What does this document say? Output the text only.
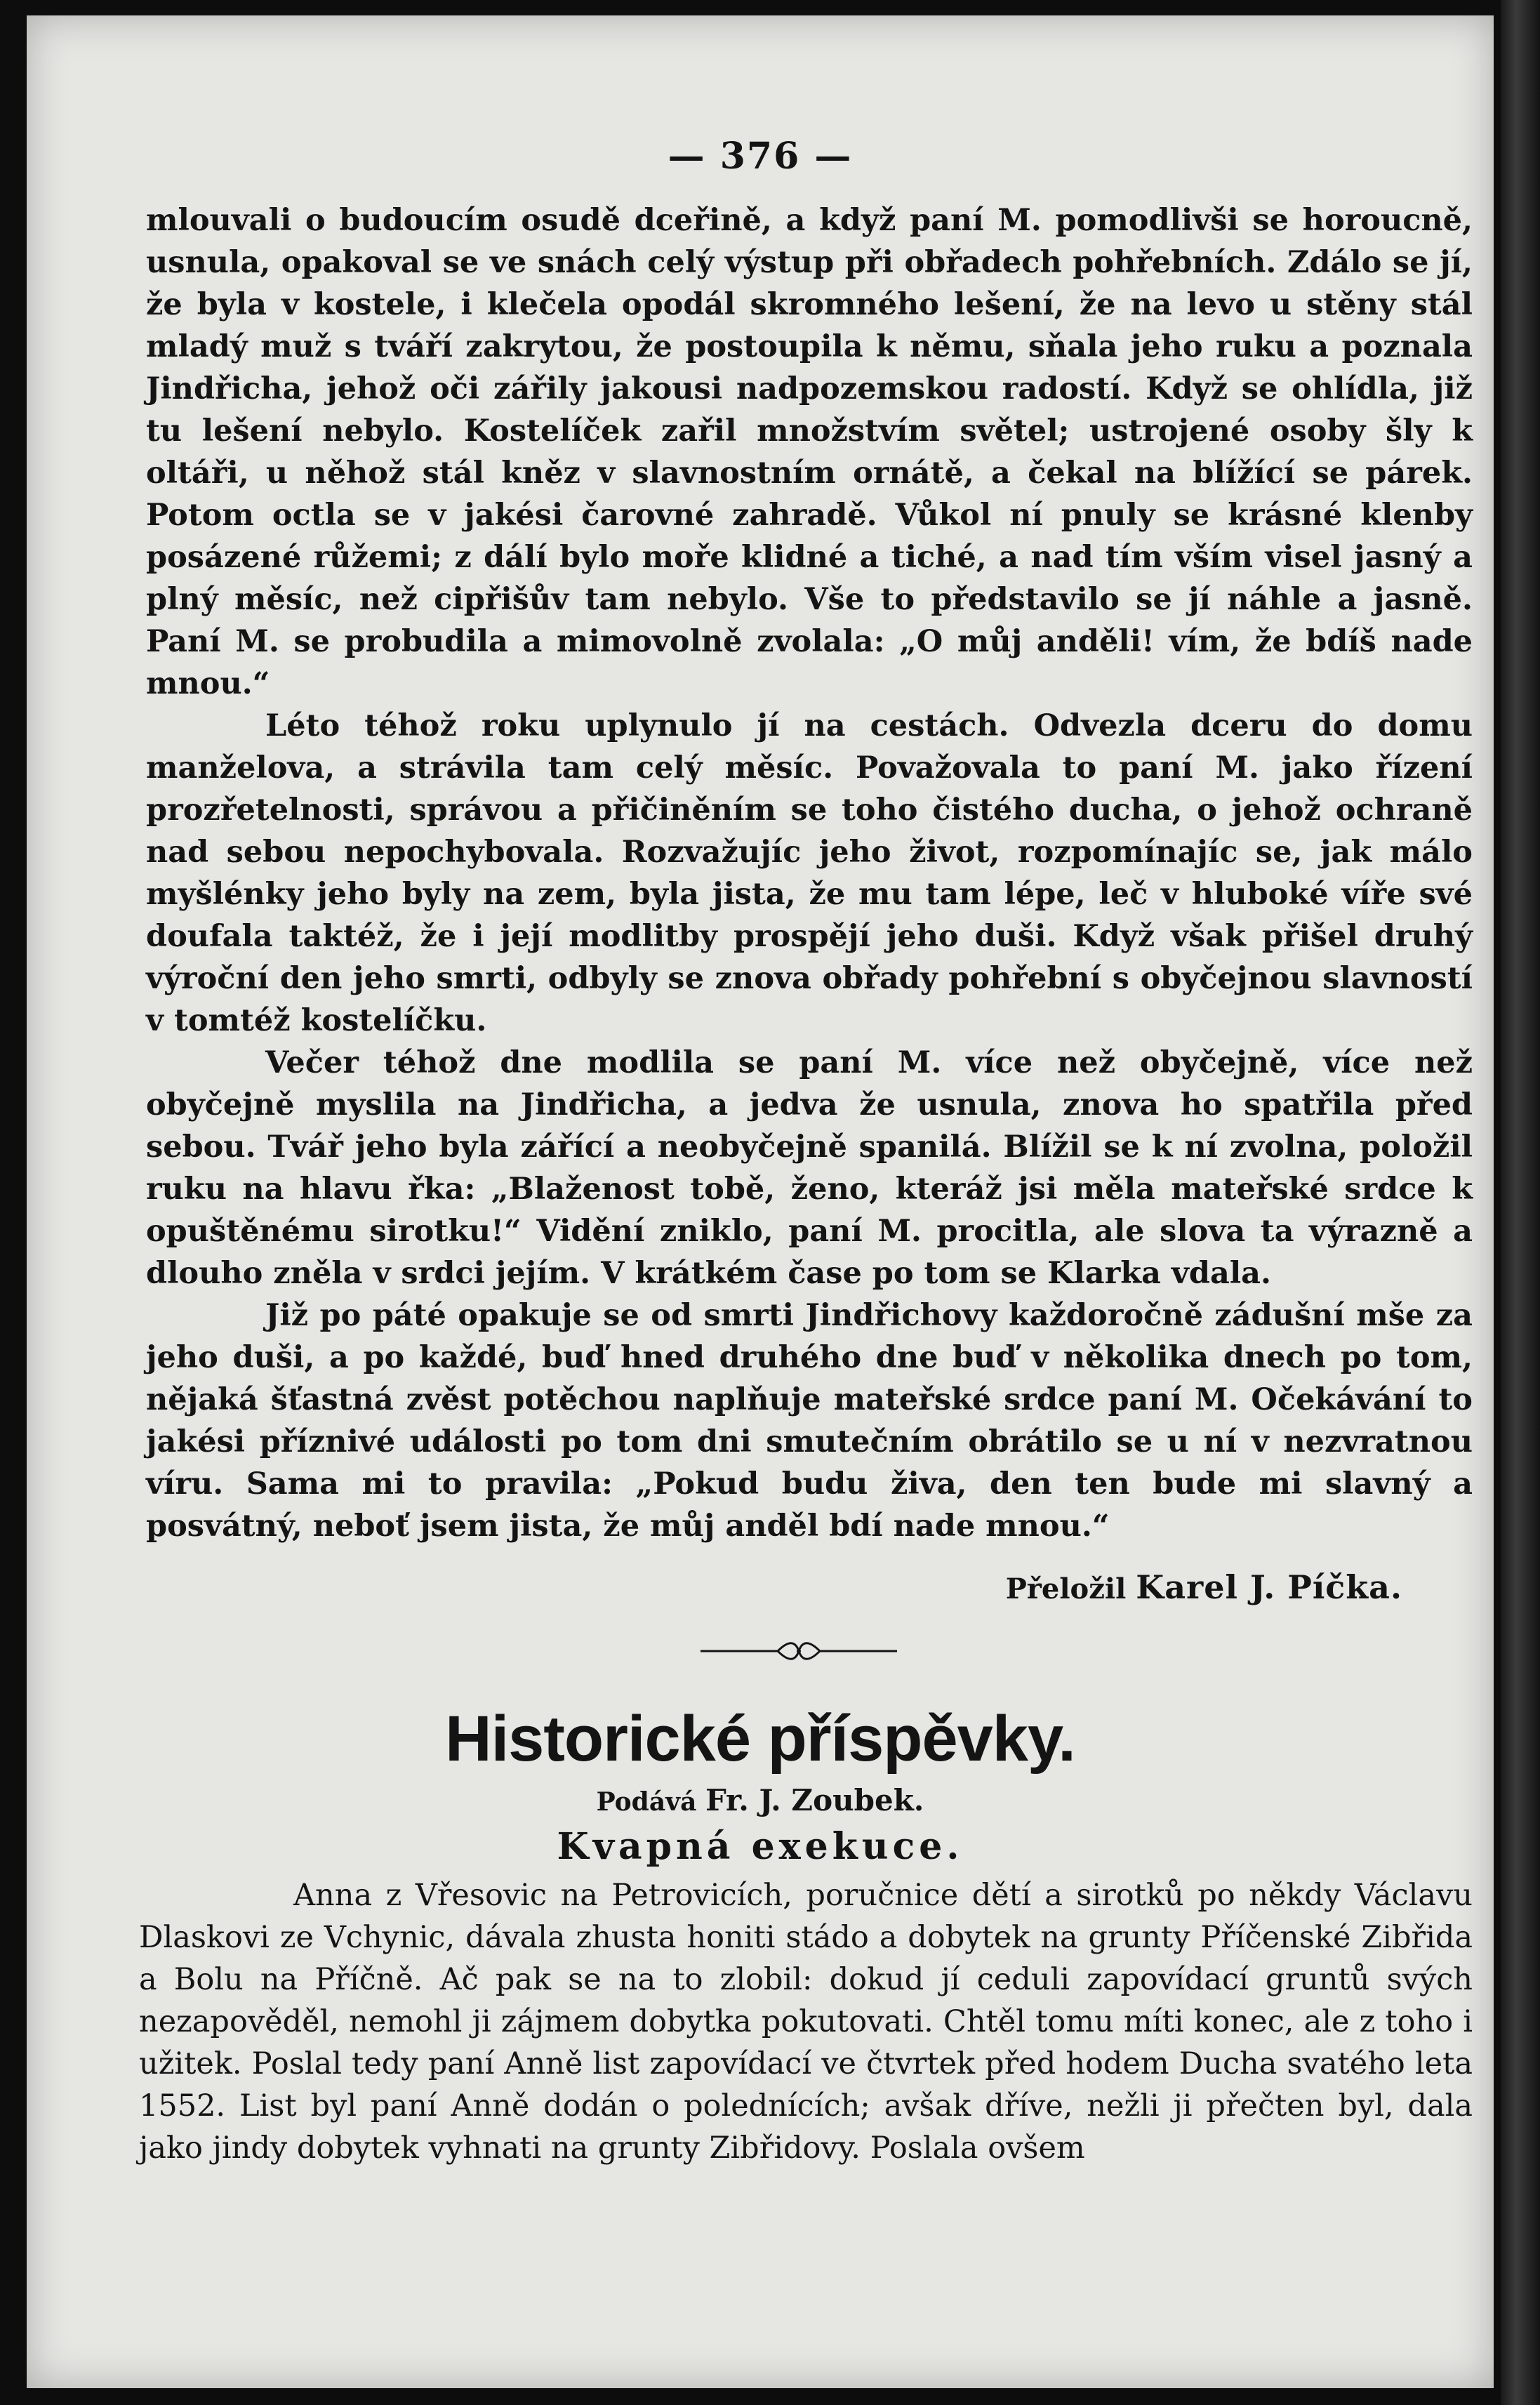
— 376 —

mlouvali o budoucím osudě dceřině, a když paní M. pomodlivši se horoucně, usnula, opakoval se ve snách celý výstup při obřadech pohřebních. Zdálo se jí, že byla v kostele, i klečela opodál skromného lešení, že na levo u stěny stál mladý muž s tváří zakrytou, že postoupila k němu, sňala jeho ruku a poznala Jindřicha, jehož oči zářily jakousi nadpozemskou radostí. Když se ohlídla, již tu lešení nebylo. Kostelíček zařil množstvím světel; ustrojené osoby šly k oltáři, u něhož stál kněz v slavnostním ornátě, a čekal na blížící se párek. Potom octla se v jakési čarovné zahradě. Vůkol ní pnuly se krásné klenby posázené růžemi; z dálí bylo moře klidné a tiché, a nad tím vším visel jasný a plný měsíc, než cipřišův tam nebylo. Vše to představilo se jí náhle a jasně. Paní M. se probudila a mimovolně zvolala: „O můj anděli! vím, že bdíš nade mnou.“

Léto téhož roku uplynulo jí na cestách. Odvezla dceru do domu manželova, a strávila tam celý měsíc. Považovala to paní M. jako řízení prozřetelnosti, správou a přičiněním se toho čistého ducha, o jehož ochraně nad sebou nepochybovala. Rozvažujíc jeho život, rozpomínajíc se, jak málo myšlénky jeho byly na zem, byla jista, že mu tam lépe, leč v hluboké víře své doufala taktéž, že i její modlitby prospějí jeho duši. Když však přišel druhý výroční den jeho smrti, odbyly se znova obřady pohřební s obyčejnou slavností v tomtéž kostelíčku.

Večer téhož dne modlila se paní M. více než obyčejně, více než obyčejně myslila na Jindřicha, a jedva že usnula, znova ho spatřila před sebou. Tvář jeho byla zářící a neobyčejně spanilá. Blížil se k ní zvolna, položil ruku na hlavu řka: „Blaženost tobě, ženo, kteráž jsi měla mateřské srdce k opuštěnému sirotku!“ Vidění zniklo, paní M. procitla, ale slova ta výrazně a dlouho zněla v srdci jejím. V krátkém čase po tom se Klarka vdala.

Již po páté opakuje se od smrti Jindřichovy každoročně zádušní mše za jeho duši, a po každé, buď hned druhého dne buď v několika dnech po tom, nějaká šťastná zvěst potěchou naplňuje mateřské srdce paní M. Očekávání to jakési příznivé události po tom dni smutečním obrátilo se u ní v nezvratnou víru. Sama mi to pravila: „Pokud budu živa, den ten bude mi slavný a posvátný, neboť jsem jista, že můj anděl bdí nade mnou.“

Přeložil Karel J. Píčka.
Historické příspěvky.
Podává Fr. J. Zoubek.
Kvapná exekuce.

Anna z Vřesovic na Petrovicích, poručnice dětí a sirotků po někdy Václavu Dlaskovi ze Vchynic, dávala zhusta honiti stádo a dobytek na grunty Příčenské Zibřida a Bolu na Příčně. Ač pak se na to zlobil: dokud jí ceduli zapovídací gruntů svých nezapověděl, nemohl ji zájmem dobytka pokutovati. Chtěl tomu míti konec, ale z toho i užitek. Poslal tedy paní Anně list zapovídací ve čtvrtek před hodem Ducha svatého leta 1552. List byl paní Anně dodán o polednících; avšak dříve, nežli ji přečten byl, dala jako jindy dobytek vyhnati na grunty Zibřidovy. Poslala ovšem
